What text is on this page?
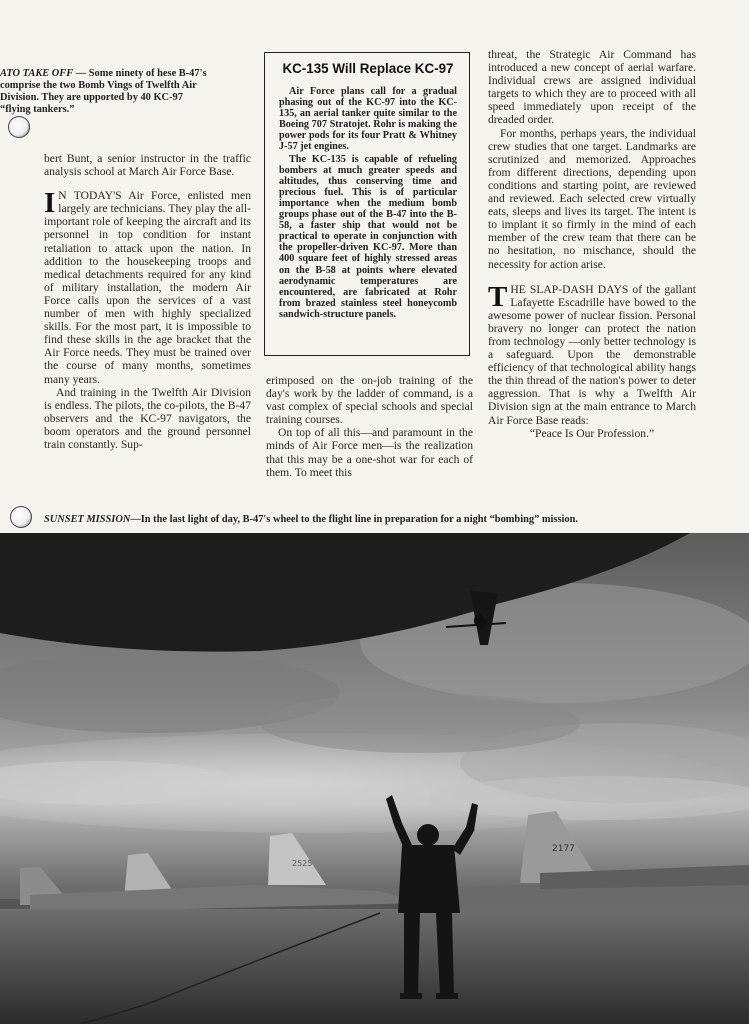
ATO TAKE OFF — Some ninety of hese B-47's comprise the two Bomb Vings of Twelfth Air Division. They are upported by 40 KC-97 “flying tankers.”

bert Bunt, a senior instructor in the traffic analysis school at March Air Force Base.

I N TODAY'S Air Force, enlisted men largely are technicians. They play the all-important role of keeping the aircraft and its personnel in top condition for instant retaliation to attack upon the nation. In addition to the housekeeping troops and medical detachments required for any kind of military installation, the modern Air Force calls upon the services of a vast number of men with highly specialized skills. For the most part, it is impossible to find these skills in the age bracket that the Air Force needs. They must be trained over the course of many months, sometimes many years.

And training in the Twelfth Air Division is endless. The pilots, the co-pilots, the B-47 observers and the KC-97 navigators, the boom operators and the ground personnel train constantly. Sup-

KC-135 Will Replace KC-97

Air Force plans call for a gradual phasing out of the KC-97 into the KC-135, an aerial tanker quite similar to the Boeing 707 Stratojet. Rohr is making the power pods for its four Pratt & Whitney J-57 jet engines.

The KC-135 is capable of refueling bombers at much greater speeds and altitudes, thus conserving time and precious fuel. This is of particular importance when the medium bomb groups phase out of the B-47 into the B-58, a faster ship that would not be practical to operate in conjunction with the propeller-driven KC-97. More than 400 square feet of highly stressed areas on the B-58 at points where elevated aerodynamic temperatures are encountered, are fabricated at Rohr from brazed stainless steel honeycomb sandwich-structure panels.

erimposed on the on-job training of the day's work by the ladder of command, is a vast complex of special schools and special training courses.

On top of all this—and paramount in the minds of Air Force men—is the realization that this may be a one-shot war for each of them. To meet this

threat, the Strategic Air Command has introduced a new concept of aerial warfare. Individual crews are assigned individual targets to which they are to proceed with all speed immediately upon receipt of the dreaded order.

For months, perhaps years, the individual crew studies that one target. Landmarks are scrutinized and memorized. Approaches from different directions, depending upon conditions and starting point, are reviewed and reviewed. Each selected crew virtually eats, sleeps and lives its target. The intent is to implant it so firmly in the mind of each member of the crew team that there can be no hesitation, no mischance, should the necessity for action arise.

THE SLAP-DASH DAYS of the gallant Lafayette Escadrille have bowed to the awesome power of nuclear fission. Personal bravery no longer can protect the nation from technology —only better technology is a safeguard. Upon the demonstrable efficiency of that technological ability hangs the thin thread of the nation's power to deter aggression. That is why a Twelfth Air Division sign at the main entrance to March Air Force Base reads:

“Peace Is Our Profession.”

SUNSET MISSION—In the last light of day, B-47's wheel to the flight line in preparation for a night “bombing” mission.
2525
2177
